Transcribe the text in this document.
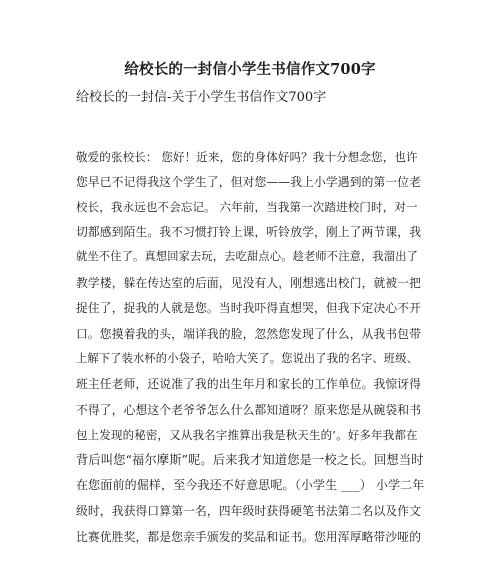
给校长的一封信小学生书信作文700字
给校长的一封信-关于小学生书信作文700字
敬爱的张校长： 您好！近来，您的身体好吗？我十分想念您，也许
您早已不记得我这个学生了，但对您——我上小学遇到的第一位老
校长，我永远也不会忘记。 六年前，当我第一次踏进校门时，对一
切都感到陌生。我不习惯打铃上课，听铃放学，刚上了两节课，我
就坐不住了。真想回家去玩，去吃甜点心。趁老师不注意，我溜出了
教学楼，躲在传达室的后面，见没有人，刚想逃出校门，就被一把
捉住了，捉我的人就是您。当时我吓得直想哭，但我下定决心不开
口。您摸着我的头，端详我的脸，忽然您发现了什么，从我书包带
上解下了装水杯的小袋子，哈哈大笑了。您说出了我的名字、班级、
班主任老师，还说准了我的出生年月和家长的工作单位。我惊讶得
不得了，心想这个老爷爷怎么什么都知道呀？原来您是从碗袋和书
包上发现的秘密，又从我名字推算出我是秋天生的’。好多年我都在
背后叫您“福尔摩斯”呢。后来我才知道您是一校之长。回想当时
在您面前的倔样，至今我还不好意思呢。（小学生 ___） 小学二年
级时，我获得口算第一名，四年级时获得硬笔书法第二名以及作文
比赛优胜奖，都是您亲手颁发的奖品和证书。您用浑厚略带沙哑的
